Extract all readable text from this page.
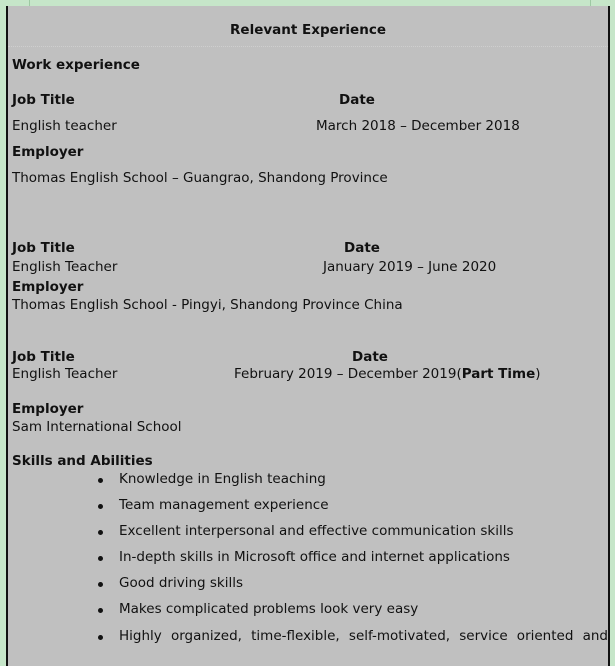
Relevant Experience
Work experience
Job Title	Date
English teacher	March 2018 – December 2018
Employer
Thomas English School – Guangrao, Shandong Province
Job Title	Date
English Teacher	January 2019 – June 2020
Employer
Thomas English School - Pingyi, Shandong Province China
Job Title	Date
English Teacher	February 2019 – December 2019(Part Time)
Employer
Sam International School
Skills and Abilities
Knowledge in English teaching
Team management experience
Excellent interpersonal and effective communication skills
In-depth skills in Microsoft office and internet applications
Good driving skills
Makes complicated problems look very easy
Highly organized, time-flexible, self-motivated, service oriented and
